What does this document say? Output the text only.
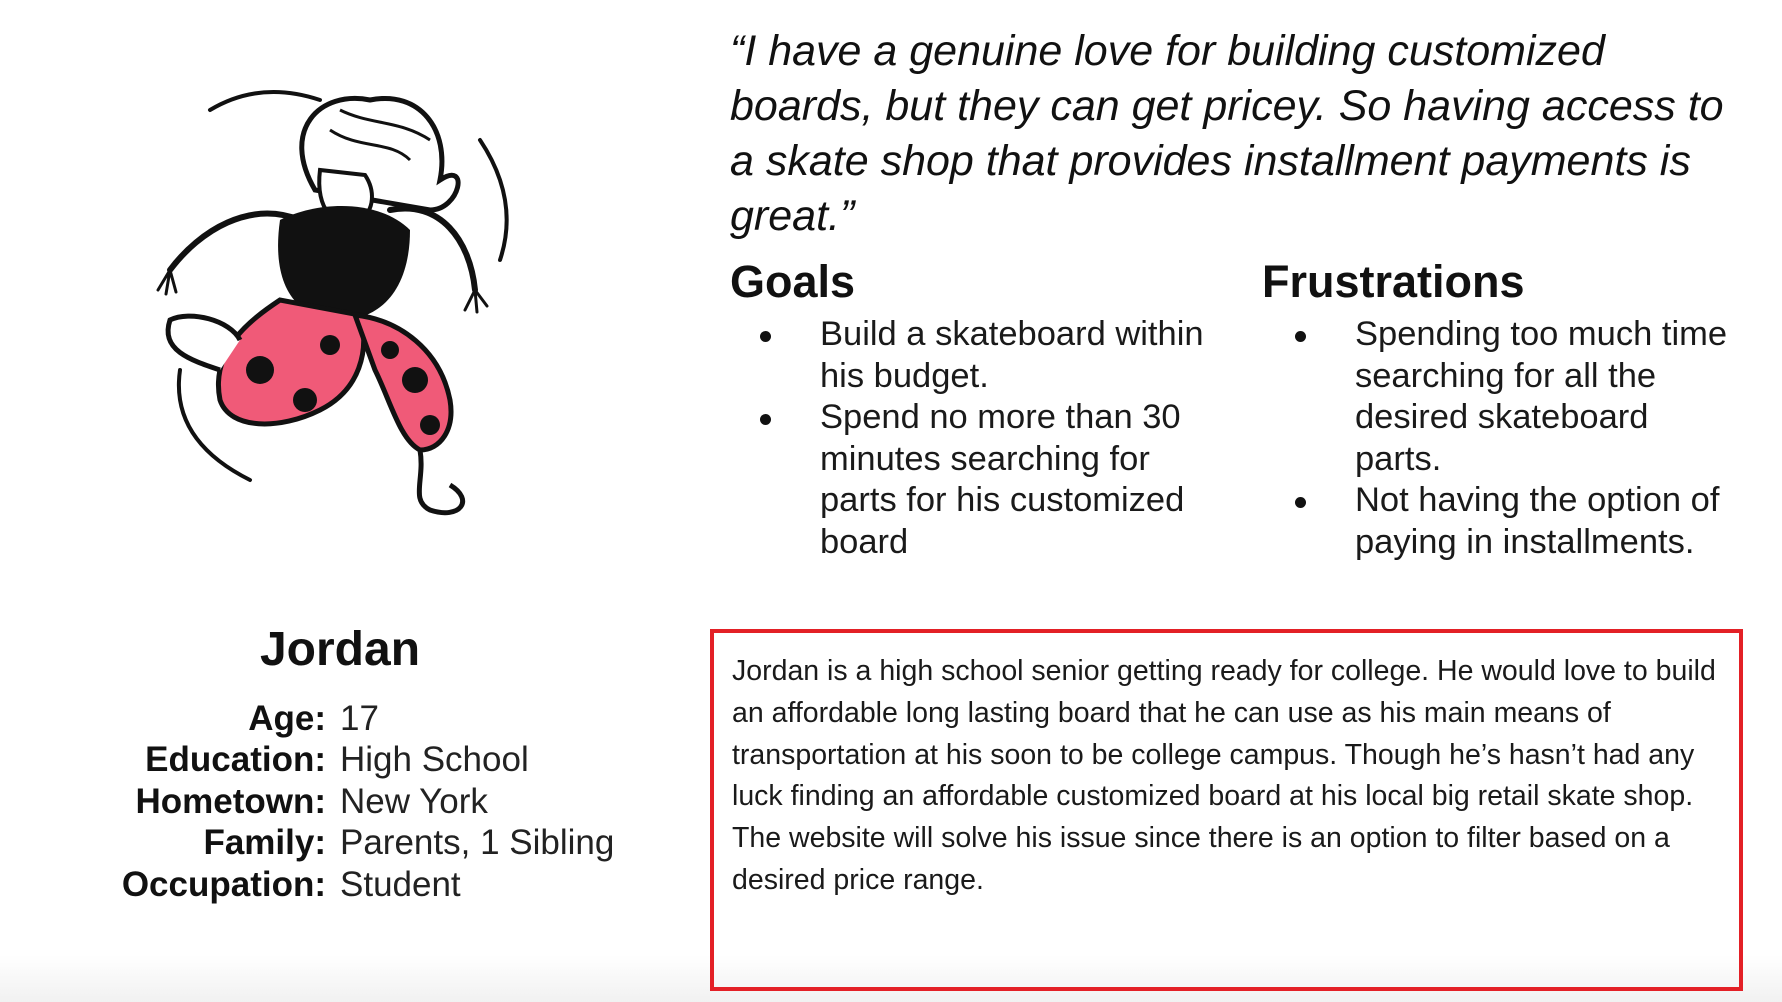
Jordan
Age: 17
Education: High School
Hometown: New York
Family: Parents, 1 Sibling
Occupation: Student
“I have a genuine love for building customized boards, but they can get pricey. So having access to a skate shop that provides installment payments is great.”
Goals
Build a skateboard within his budget.
Spend no more than 30 minutes searching for parts for his customized board
Frustrations
Spending too much time searching for all the desired skateboard parts.
Not having the option of paying in installments.
Jordan is a high school senior getting ready for college. He would love to build an affordable long lasting board that he can use as his main means of transportation at his soon to be college campus. Though he’s hasn’t had any luck finding an affordable customized board at his local big retail skate shop. The website will solve his issue since there is an option to filter based on a desired price range.
